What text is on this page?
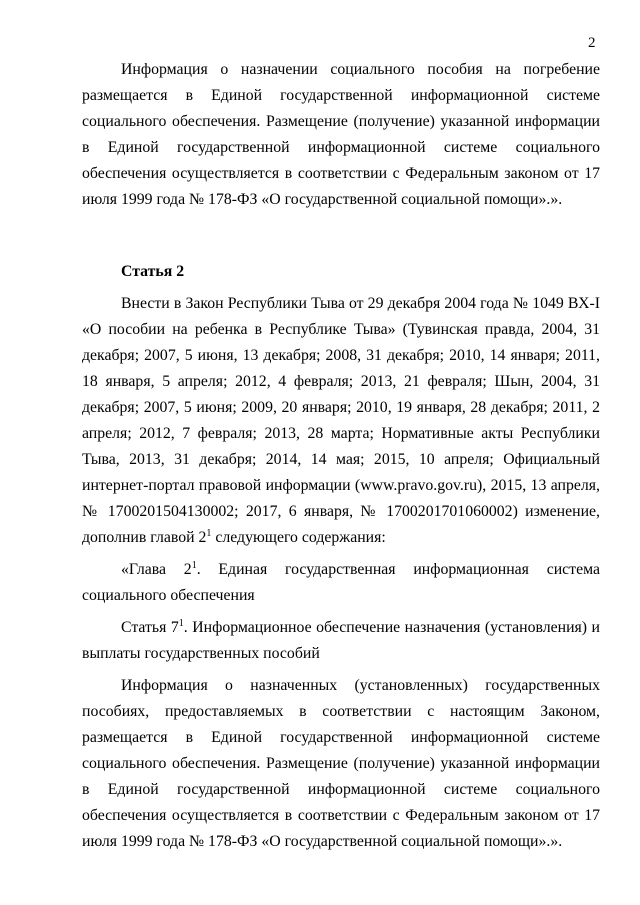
2

Информация о назначении социального пособия на погребение размещается в Единой государственной информационной системе социального обеспечения. Размещение (получение) указанной информации в Единой государственной информационной системе социального обеспечения осуществляется в соответствии с Федеральным законом от 17 июля 1999 года № 178-ФЗ «О государственной социальной помощи».».

Статья 2

Внести в Закон Республики Тыва от 29 декабря 2004 года № 1049 ВХ-I «О пособии на ребенка в Республике Тыва» (Тувинская правда, 2004, 31 декабря; 2007, 5 июня, 13 декабря; 2008, 31 декабря; 2010, 14 января; 2011, 18 января, 5 апреля; 2012, 4 февраля; 2013, 21 февраля; Шын, 2004, 31 декабря; 2007, 5 июня; 2009, 20 января; 2010, 19 января, 28 декабря; 2011, 2 апреля; 2012, 7 февраля; 2013, 28 марта; Нормативные акты Республики Тыва, 2013, 31 декабря; 2014, 14 мая; 2015, 10 апреля; Официальный интернет-портал правовой информации (www.pravo.gov.ru), 2015, 13 апреля, № 1700201504130002; 2017, 6 января, № 1700201701060002) изменение, дополнив главой $2^1$ следующего содержания:

«Глава $2^1$. Единая государственная информационная система социального обеспечения

Статья $7^1$. Информационное обеспечение назначения (установления) и выплаты государственных пособий

Информация о назначенных (установленных) государственных пособиях, предоставляемых в соответствии с настоящим Законом, размещается в Единой государственной информационной системе социального обеспечения. Размещение (получение) указанной информации в Единой государственной информационной системе социального обеспечения осуществляется в соответствии с Федеральным законом от 17 июля 1999 года № 178-ФЗ «О государственной социальной помощи».».
